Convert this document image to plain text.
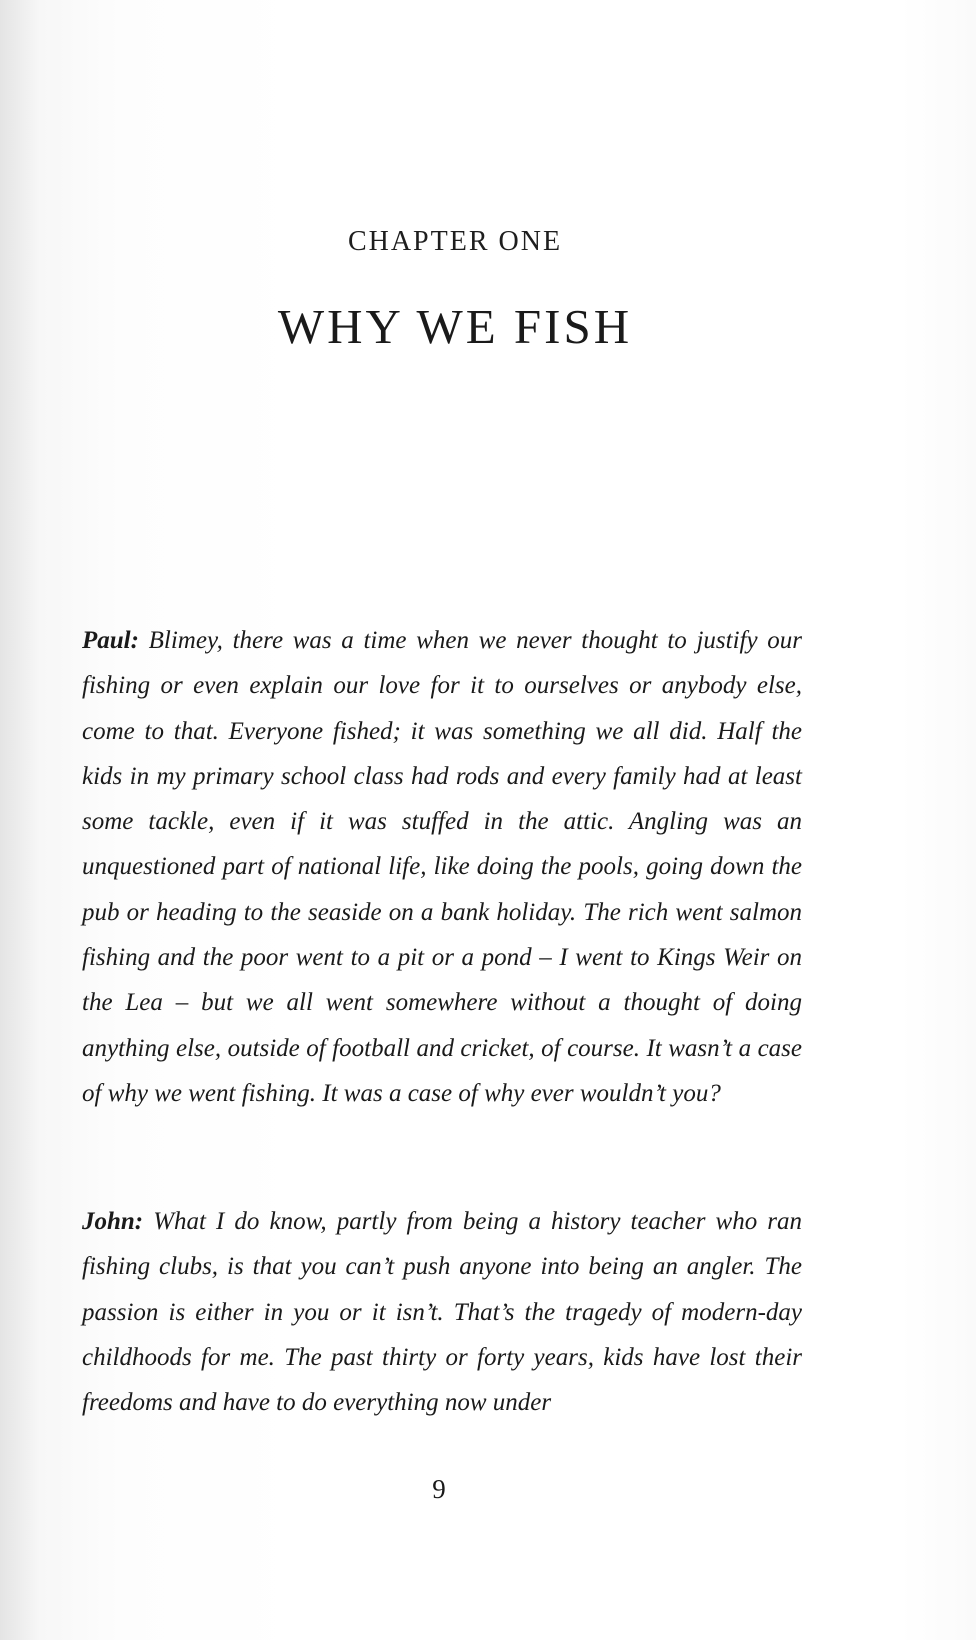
CHAPTER ONE
WHY WE FISH

Paul: Blimey, there was a time when we never thought to justify our fishing or even explain our love for it to ourselves or anybody else, come to that. Everyone fished; it was something we all did. Half the kids in my primary school class had rods and every family had at least some tackle, even if it was stuffed in the attic. Angling was an unquestioned part of national life, like doing the pools, going down the pub or heading to the seaside on a bank holiday. The rich went salmon fishing and the poor went to a pit or a pond – I went to Kings Weir on the Lea – but we all went somewhere without a thought of doing anything else, outside of football and cricket, of course. It wasn’t a case of why we went fishing. It was a case of why ever wouldn’t you?

John: What I do know, partly from being a history teacher who ran fishing clubs, is that you can’t push anyone into being an angler. The passion is either in you or it isn’t. That’s the tragedy of modern-day childhoods for me. The past thirty or forty years, kids have lost their freedoms and have to do everything now under

9
